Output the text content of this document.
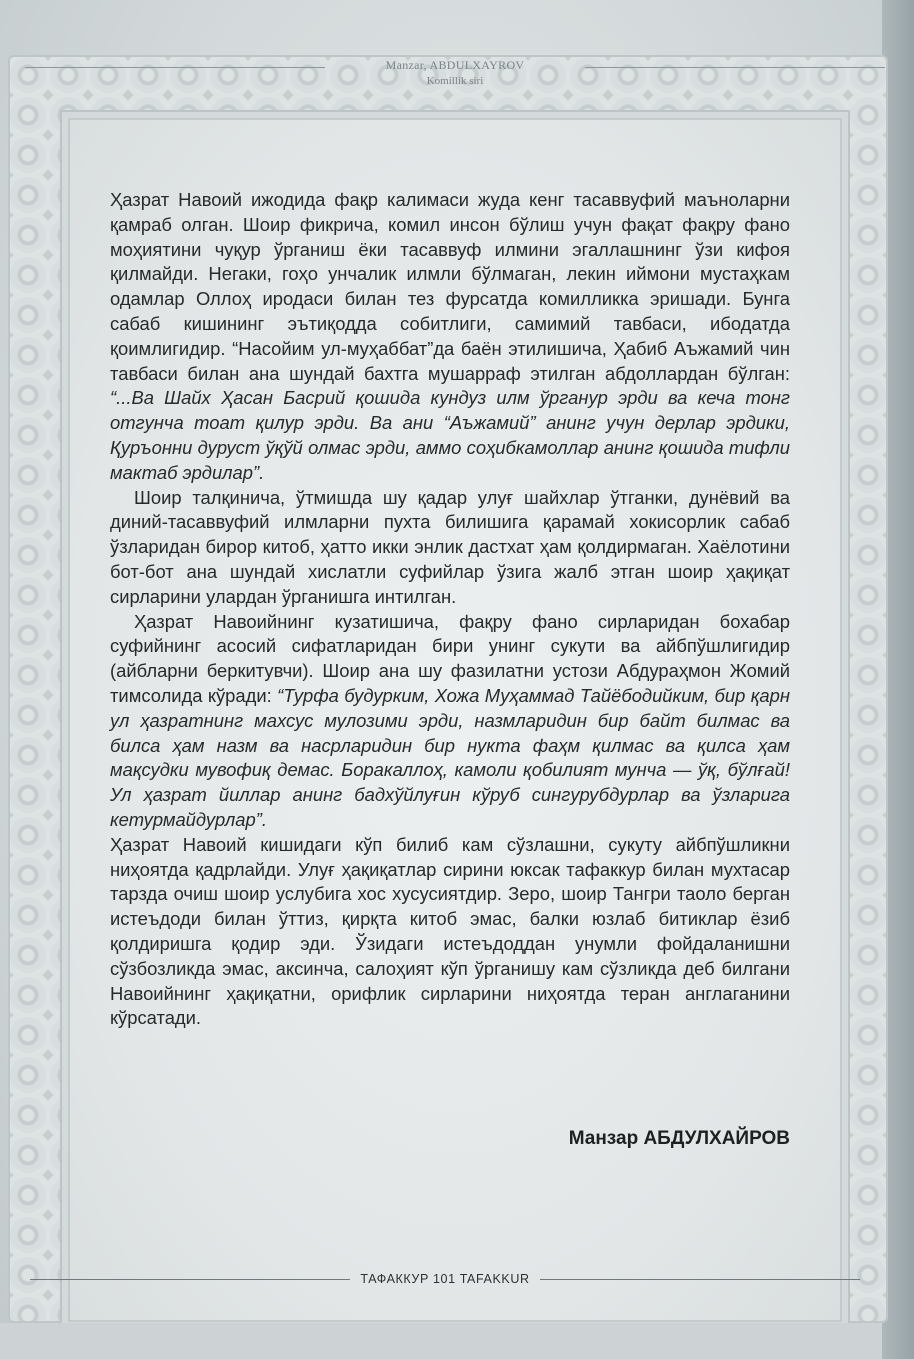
Manzar, ABDULXAYROV
Komillik siri

Ҳазрат Навоий ижодида фақр калимаси жуда кенг тасаввуфий маъноларни қамраб олган. Шоир фикрича, комил инсон бўлиш учун фақат фақру фано моҳиятини чуқур ўрганиш ёки тасаввуф илмини эгаллашнинг ўзи кифоя қилмайди. Негаки, гоҳо унчалик илмли бўлмаган, лекин иймони мустаҳкам одамлар Оллоҳ иродаси билан тез фурсатда комилликка эришади. Бунга сабаб кишининг эътиқодда собитлиги, самимий тавбаси, ибодатда қоимлигидир. “Насойим ул-муҳаббат”да баён этилишича, Ҳабиб Аъжамий чин тавбаси билан ана шундай бахтга мушарраф этилган абдоллардан бўлган: “...Ва Шайх Ҳасан Басрий қошида кундуз илм ўрганур эрди ва кеча тонг отгунча тоат қилур эрди. Ва ани “Аъжамий” анинг учун дерлар эрдики, Қуръонни дуруст ўқўй олмас эрди, аммо соҳибкамоллар анинг қошида тифли мактаб эрдилар”.

Шоир талқинича, ўтмишда шу қадар улуғ шайхлар ўтганки, дунёвий ва диний-тасаввуфий илмларни пухта билишига қарамай хокисорлик сабаб ўзларидан бирор китоб, ҳатто икки энлик дастхат ҳам қолдирмаган. Хаёлотини бот-бот ана шундай хислатли суфийлар ўзига жалб этган шоир ҳақиқат сирларини улардан ўрганишга интилган.

Ҳазрат Навоийнинг кузатишича, фақру фано сирларидан бохабар суфийнинг асосий сифатларидан бири унинг сукути ва айбпўшлигидир (айбларни беркитувчи). Шоир ана шу фазилатни устози Абдураҳмон Жомий тимсолида кўради: “Турфа будурким, Хожа Муҳаммад Тайёбодийким, бир қарн ул ҳазратнинг махсус мулозими эрди, назмларидин бир байт билмас ва билса ҳам назм ва насрларидин бир нукта фаҳм қилмас ва қилса ҳам мақсудки мувофиқ демас. Боракаллоҳ, камоли қобилият мунча — ўқ, бўлғай! Ул ҳазрат йиллар анинг бадхўйлуғин кўруб сингурубдурлар ва ўзларига кетурмайдурлар”.

Ҳазрат Навоий кишидаги кўп билиб кам сўзлашни, сукуту айбпўшликни ниҳоятда қадрлайди. Улуғ ҳақиқатлар сирини юксак тафаккур билан мухтасар тарзда очиш шоир услубига хос хусусиятдир. Зеро, шоир Тангри таоло берган истеъдоди билан ўттиз, қирқта китоб эмас, балки юзлаб битиклар ёзиб қолдиришга қодир эди. Ўзидаги истеъдоддан унумли фойдаланишни сўзбозликда эмас, аксинча, салоҳият кўп ўрганишу кам сўзликда деб билгани Навоийнинг ҳақиқатни, орифлик сирларини ниҳоятда теран англаганини кўрсатади.

Манзар АБДУЛХАЙРОВ
ТАФАККУР 101 TAFAKKUR
